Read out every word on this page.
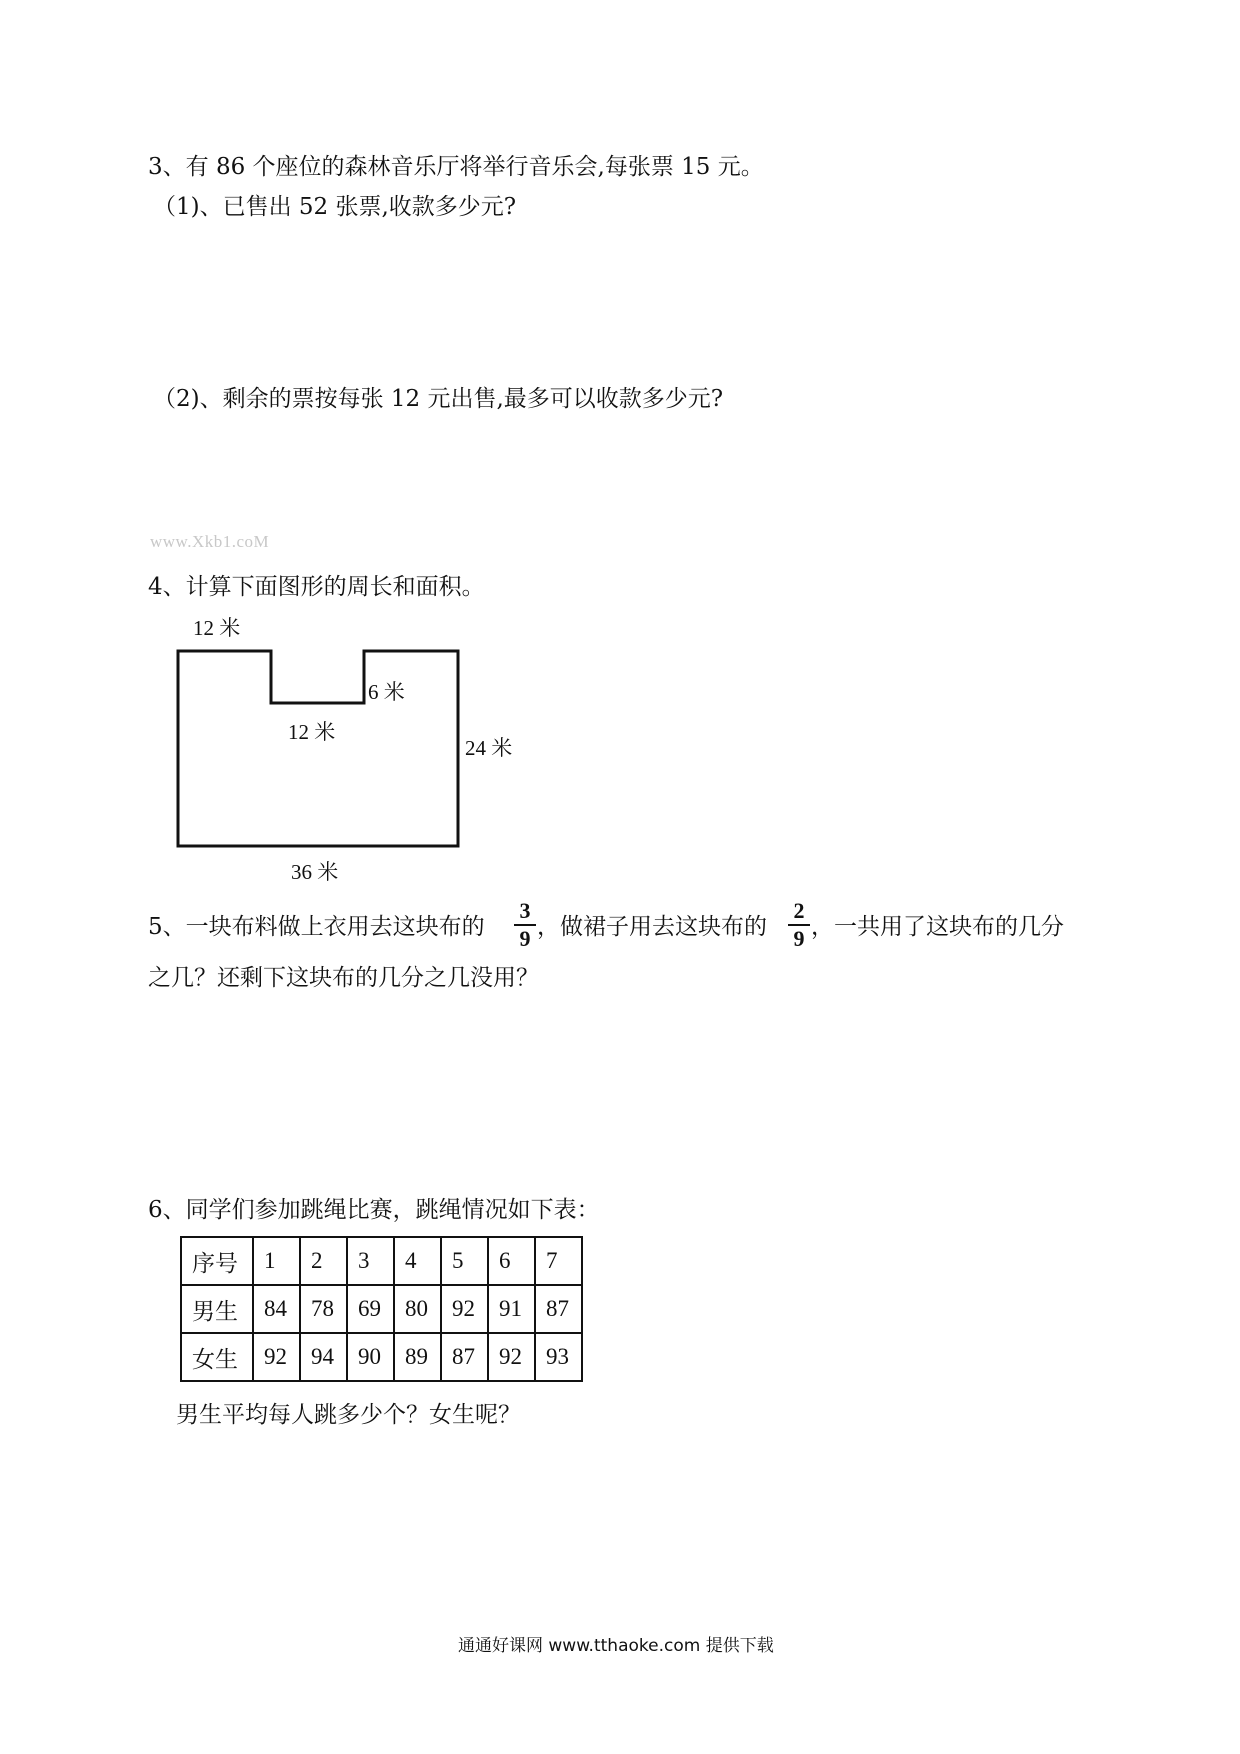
3、有 86 个座位的森林音乐厅将举行音乐会,每张票 15 元。
（1)、已售出 52 张票,收款多少元?
（2)、剩余的票按每张 12 元出售,最多可以收款多少元?
www.Xkb1.coM
4、计算下面图形的周长和面积。
12 米
6 米
12 米
24 米
36 米
5、一块布料做上衣用去这块布的
3
9 ，做裙子用去这块布的
2
9 ，一共用了这块布的几分
之几？还剩下这块布的几分之几没用？
6、同学们参加跳绳比赛，跳绳情况如下表：
序号	1	2	3	4	5	6	7
男生	84	78	69	80	92	91	87
女生	92	94	90	89	87	92	93
男生平均每人跳多少个？女生呢？
通通好课网 www.tthaoke.com 提供下载
